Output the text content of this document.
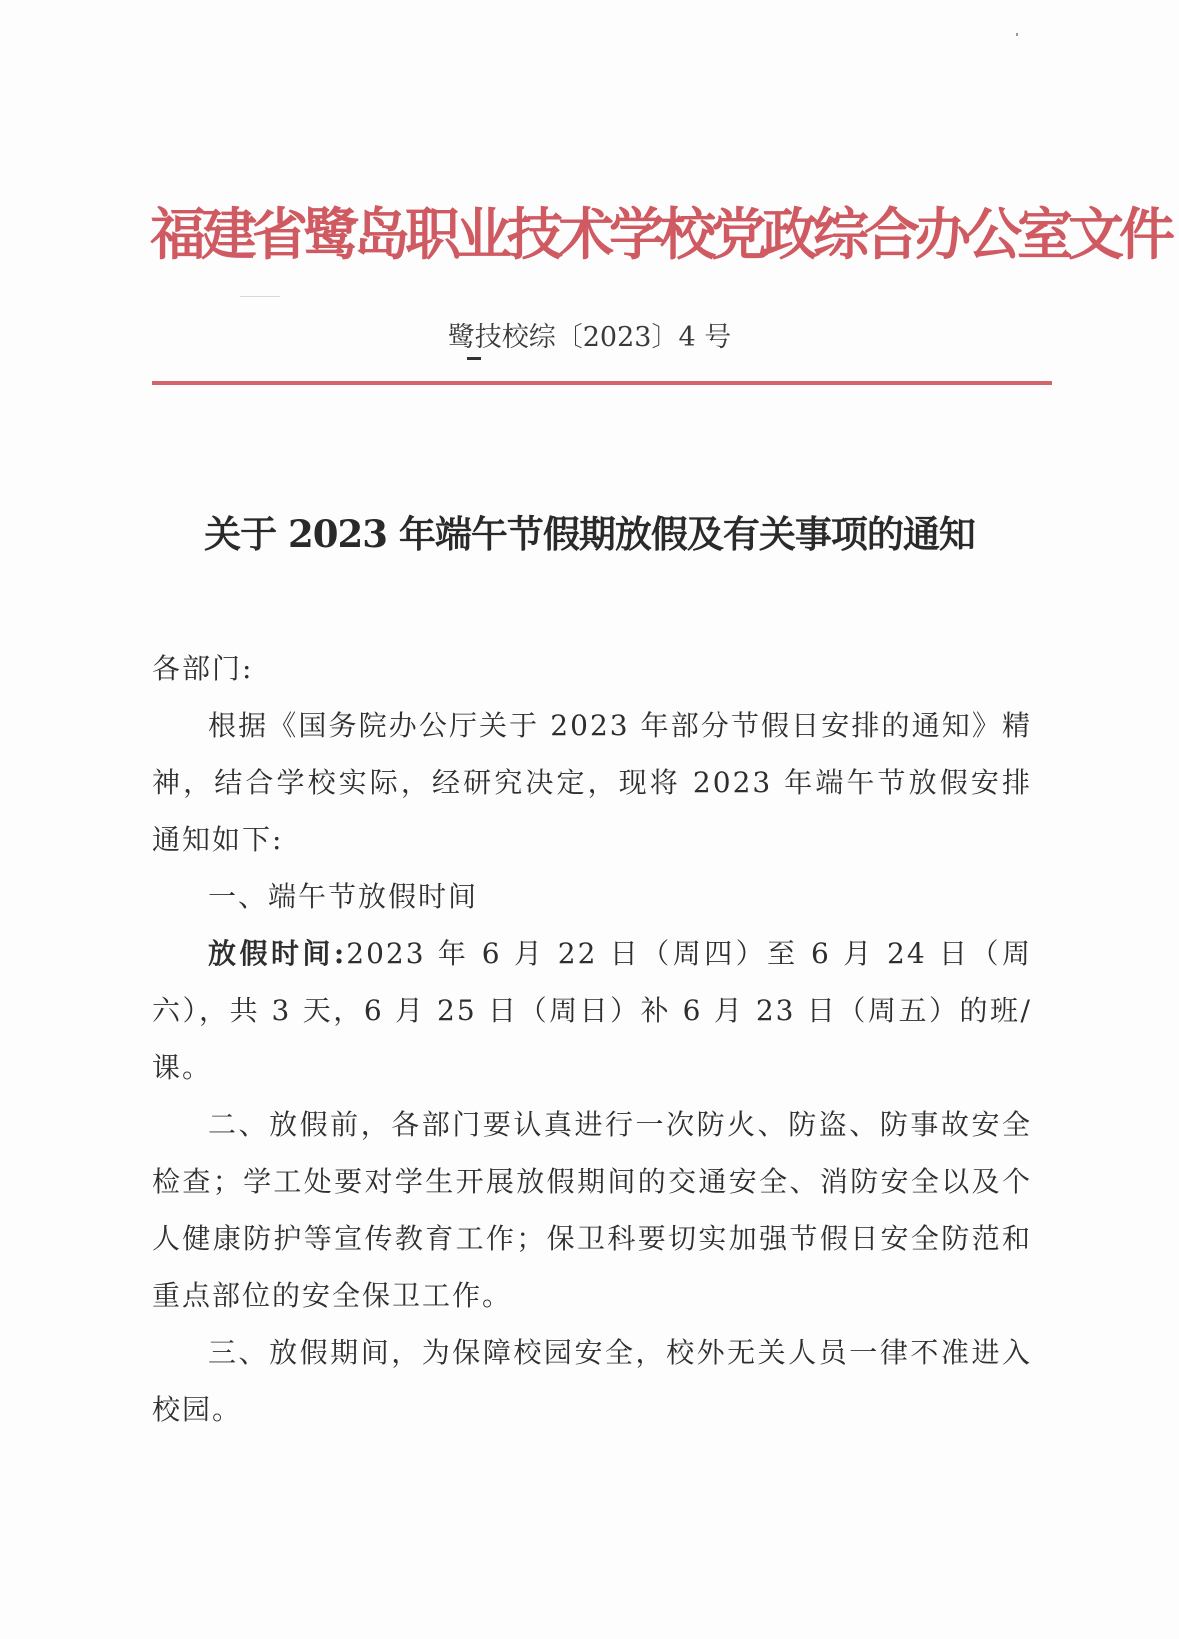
福建省鹭岛职业技术学校党政综合办公室文件
鹭技校综〔2023〕4 号
关于 2023 年端午节假期放假及有关事项的通知

各部门:

根据《国务院办公厅关于 2023 年部分节假日安排的通知》精神，结合学校实际，经研究决定，现将 2023 年端午节放假安排通知如下:

一、端午节放假时间

放假时间:2023 年 6 月 22 日（周四）至 6 月 24 日（周六），共 3 天，6 月 25 日（周日）补 6 月 23 日（周五）的班/课。

二、放假前，各部门要认真进行一次防火、防盗、防事故安全检查；学工处要对学生开展放假期间的交通安全、消防安全以及个人健康防护等宣传教育工作；保卫科要切实加强节假日安全防范和重点部位的安全保卫工作。

三、放假期间，为保障校园安全，校外无关人员一律不准进入校园。
